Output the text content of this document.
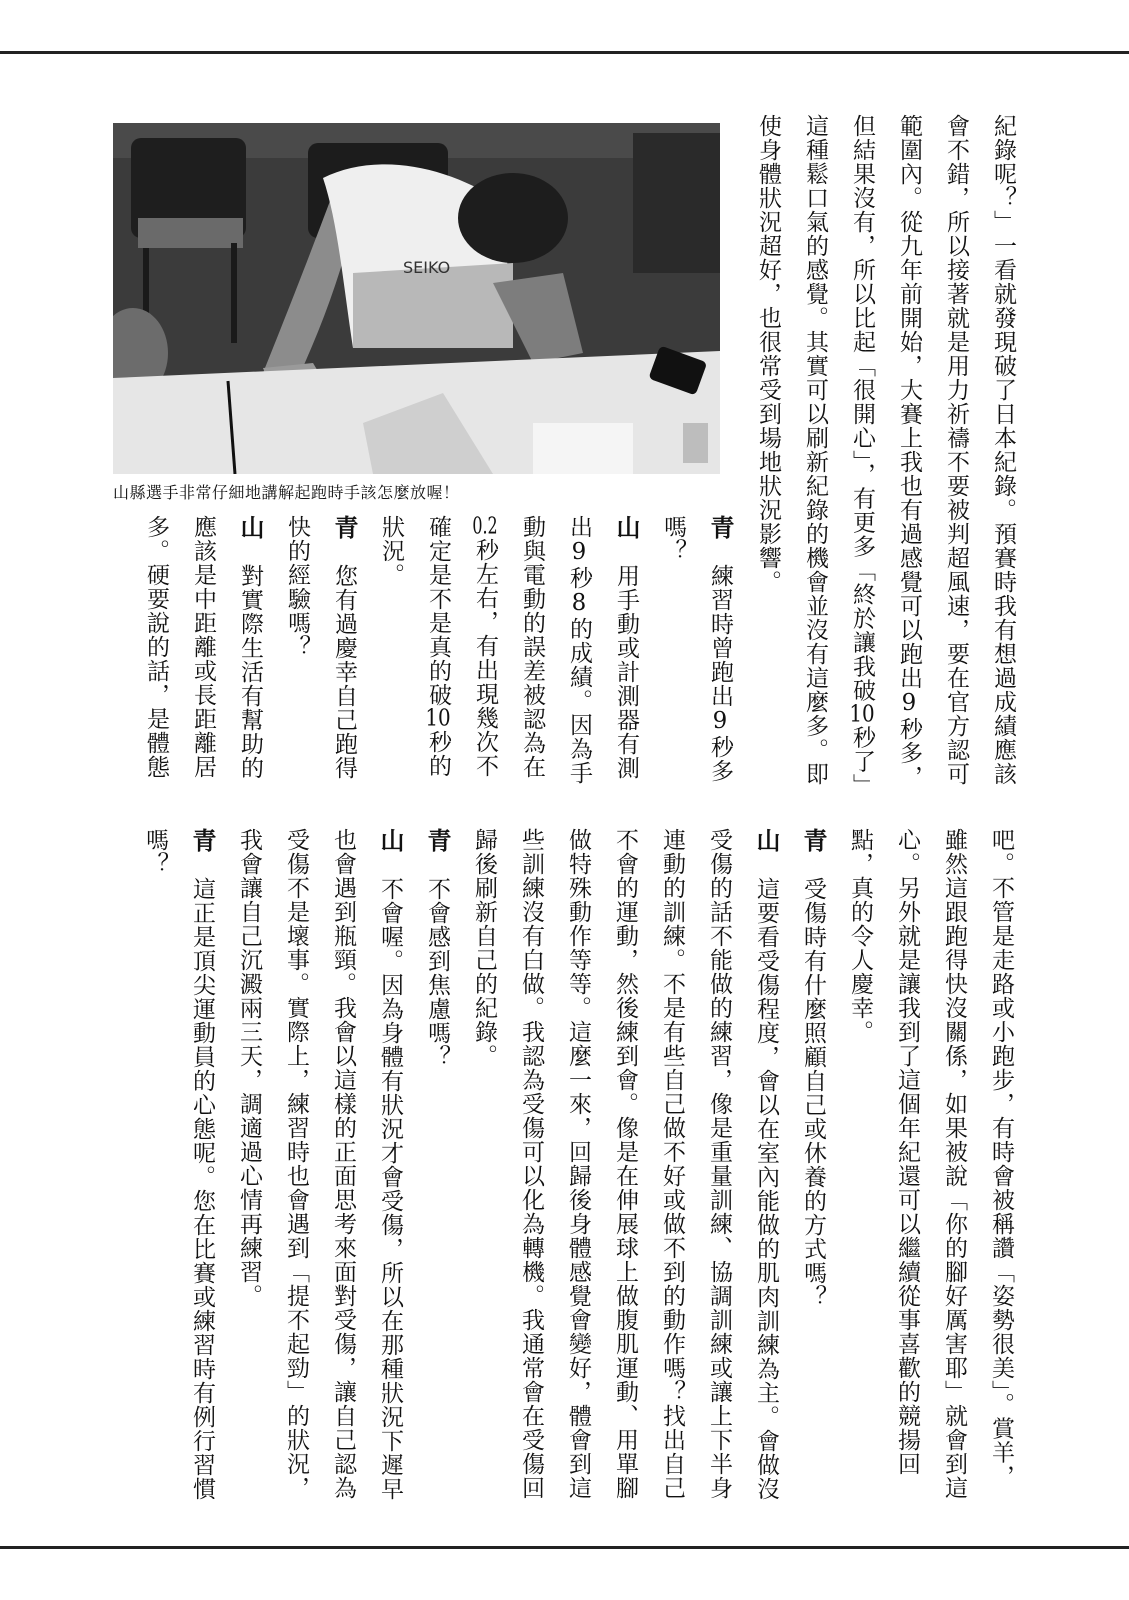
SEIKO
山縣選手非常仔細地講解起跑時手該怎麼放喔！	紀錄呢？」一看就發現破了日本紀錄。預賽時我有想過成績應該
會不錯，所以接著就是用力祈禱不要被判超風速，要在官方認可
範圍內。從九年前開始，大賽上我也有過感覺可以跑出9秒多，
但結果沒有，所以比起「很開心」，有更多「終於讓我破10秒了」
這種鬆口氣的感覺。其實可以刷新紀錄的機會並沒有這麼多。即
使身體狀況超好，也很常受到場地狀況影響。
青　練習時曾跑出9秒多
嗎？
山　用手動或計測器有測
出9秒8的成績。因為手
動與電動的誤差被認為在
0.2秒左右，有出現幾次不
確定是不是真的破10秒的
狀況。
青　您有過慶幸自己跑得
快的經驗嗎？
山　對實際生活有幫助的
應該是中距離或長距離居
多。硬要說的話，是體態
吧。不管是走路或小跑步，有時會被稱讚「姿勢很美」。賞羊，
雖然這跟跑得快沒關係，如果被說「你的腳好厲害耶」就會到這
心。另外就是讓我到了這個年紀還可以繼續從事喜歡的競揚回
點，真的令人慶幸。
青　受傷時有什麼照顧自己或休養的方式嗎？
山　這要看受傷程度，會以在室內能做的肌肉訓練為主。會做沒
受傷的話不能做的練習，像是重量訓練、協調訓練或讓上下半身
連動的訓練。不是有些自己做不好或做不到的動作嗎？找出自己
不會的運動，然後練到會。像是在伸展球上做腹肌運動、用單腳
做特殊動作等等。這麼一來，回歸後身體感覺會變好，體會到這
些訓練沒有白做。我認為受傷可以化為轉機。我通常會在受傷回
歸後刷新自己的紀錄。
青　不會感到焦慮嗎？
山　不會喔。因為身體有狀況才會受傷，所以在那種狀況下遲早
也會遇到瓶頸。我會以這樣的正面思考來面對受傷，讓自己認為
受傷不是壞事。實際上，練習時也會遇到「提不起勁」的狀況，
我會讓自己沉澱兩三天，調適過心情再練習。
青　這正是頂尖運動員的心態呢。您在比賽或練習時有例行習慣
嗎？
